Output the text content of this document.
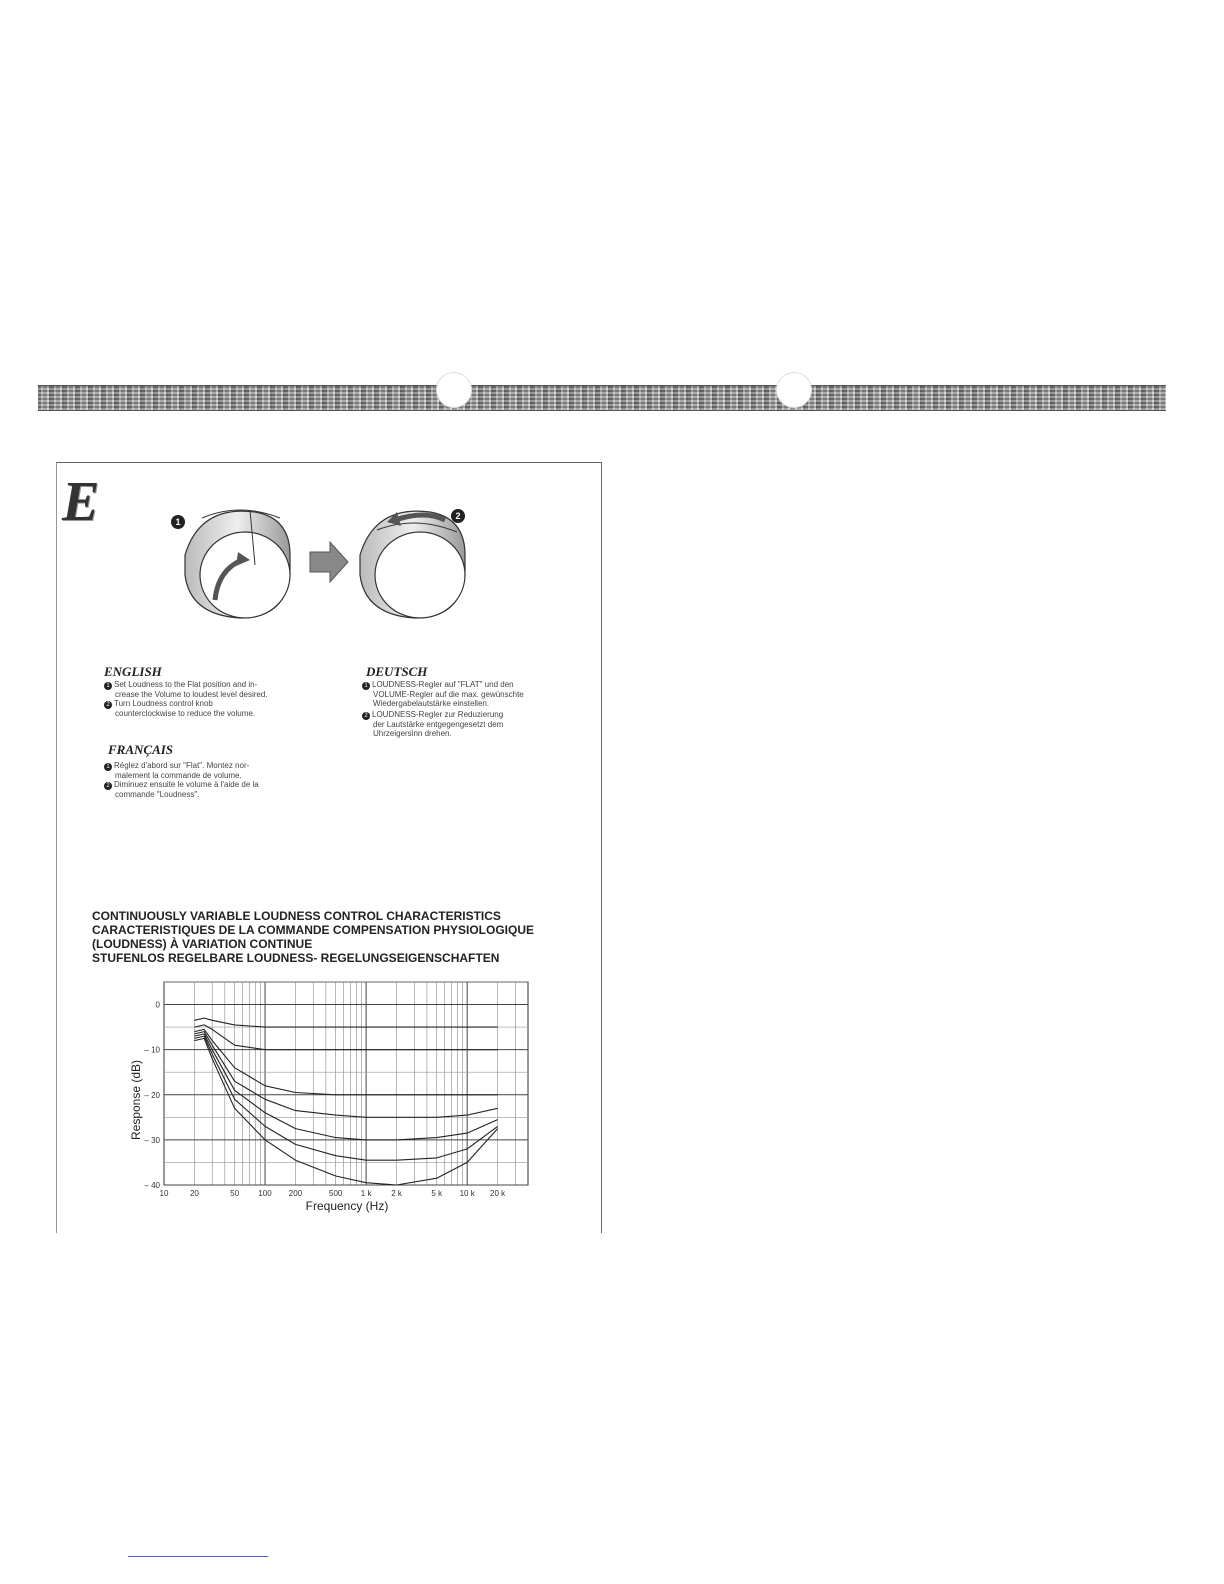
E	1
2
ENGLISH
1 Set Loudness to the Flat position and in-
crease the Volume to loudest level desired.
2 Turn Loudness control knob
counterclockwise to reduce the volume.
FRANÇAIS
1 Réglez d'abord sur "Flat". Montez nor-
malement la commande de volume.
2 Diminuez ensuite le volume à l'aide de la
commande "Loudness".
DEUTSCH
1 LOUDNESS-Regler auf "FLAT" und den
VOLUME-Regler auf die max. gewünschte
Wiedergabelautstärke einstellen.
2 LOUDNESS-Regler zur Reduzierung
der Lautstärke entgegengesetzt dem
Uhrzeigersinn drehen.
CONTINUOUSLY VARIABLE LOUDNESS CONTROL CHARACTERISTICS
CARACTERISTIQUES DE LA COMMANDE COMPENSATION PHYSIOLOGIQUE
(LOUDNESS) À VARIATION CONTINUE
STUFENLOS REGELBARE LOUDNESS- REGELUNGSEIGENSCHAFTEN
0
– 10
– 20
– 30
– 40
10	20	50 100 200	500 1 k 2 k	5 k 10 k 20 k
Response (dB)
Frequency (Hz)
